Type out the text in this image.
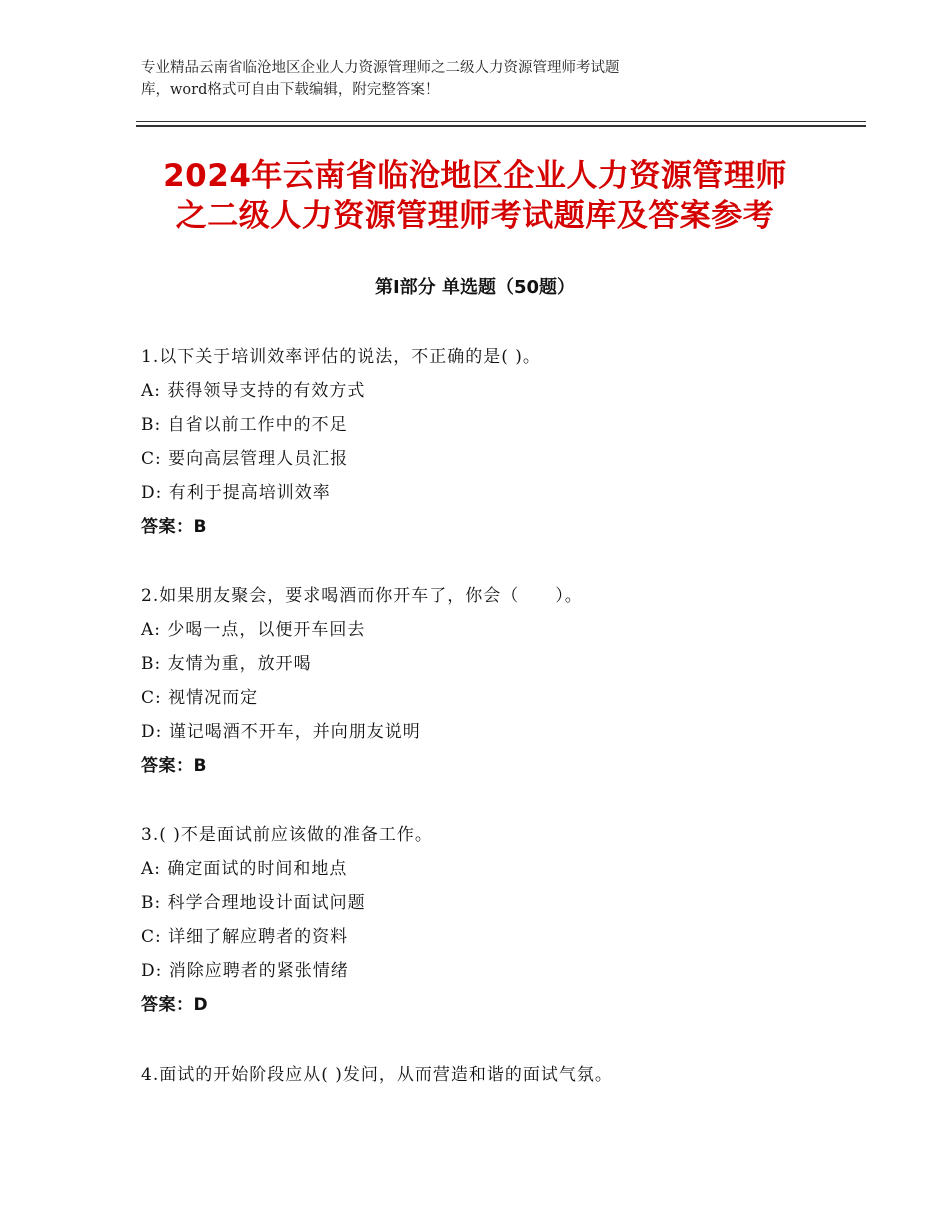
专业精品云南省临沧地区企业人力资源管理师之二级人力资源管理师考试题
库，word格式可自由下载编辑，附完整答案！
2024年云南省临沧地区企业人力资源管理师
之二级人力资源管理师考试题库及答案参考
第Ⅰ部分 单选题（50题）
1.以下关于培训效率评估的说法，不正确的是( )。
A: 获得领导支持的有效方式
B: 自省以前工作中的不足
C: 要向高层管理人员汇报
D: 有利于提高培训效率
答案：B
2.如果朋友聚会，要求喝酒而你开车了，你会（　　）。
A: 少喝一点，以便开车回去
B: 友情为重，放开喝
C: 视情况而定
D: 谨记喝酒不开车，并向朋友说明
答案：B
3.( )不是面试前应该做的准备工作。
A: 确定面试的时间和地点
B: 科学合理地设计面试问题
C: 详细了解应聘者的资料
D: 消除应聘者的紧张情绪
答案：D
4.面试的开始阶段应从( )发问，从而营造和谐的面试气氛。
